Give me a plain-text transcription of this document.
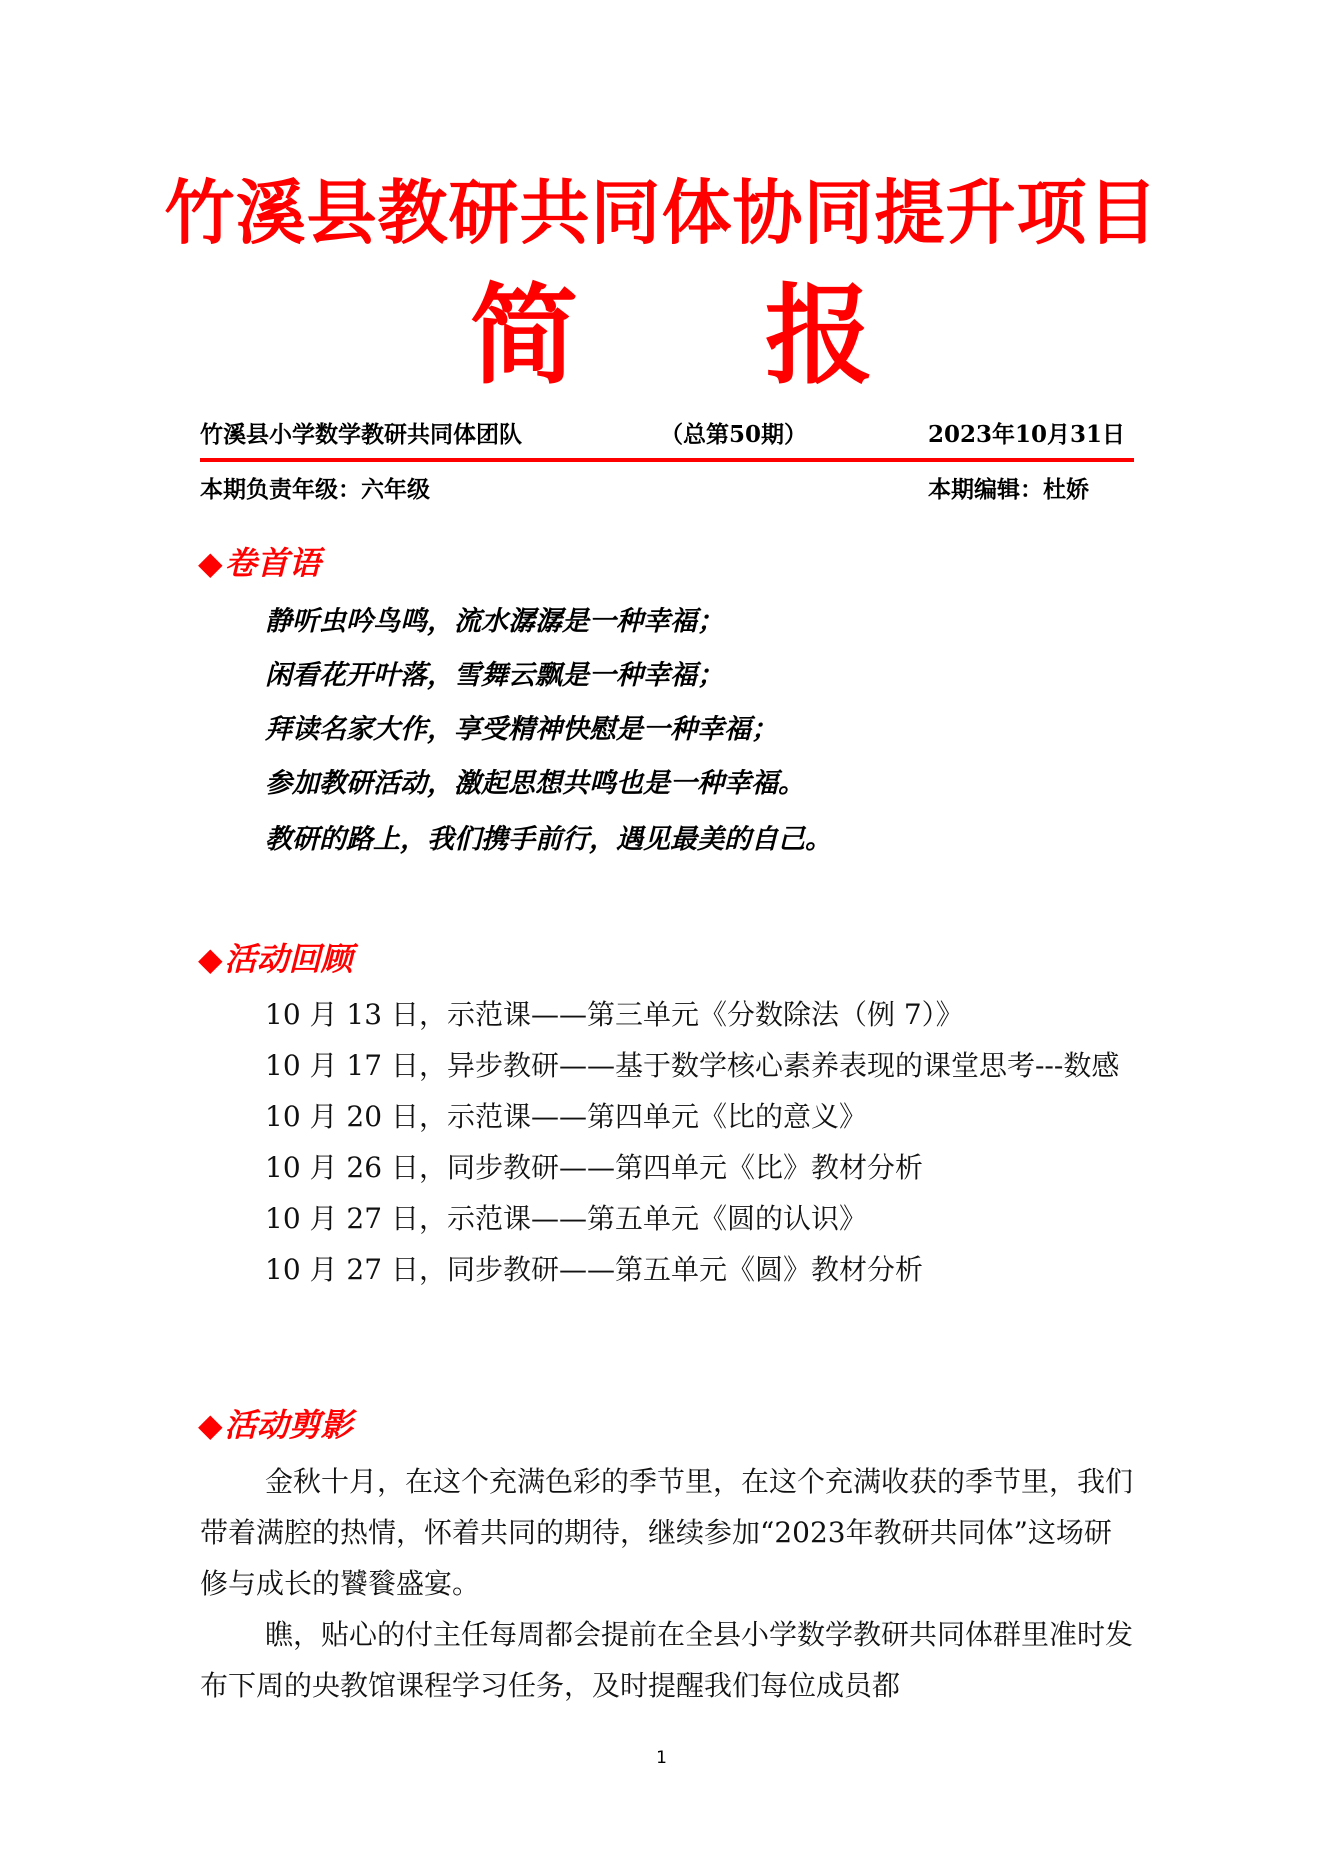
竹溪县教研共同体协同提升项目
简 报
竹溪县小学数学教研共同体团队	（总第50期）	2023年10月31日
本期负责年级：六年级	本期编辑：杜娇
◆卷首语
静听虫吟鸟鸣，流水潺潺是一种幸福；
闲看花开叶落，雪舞云飘是一种幸福；
拜读名家大作，享受精神快慰是一种幸福；
参加教研活动，激起思想共鸣也是一种幸福。
教研的路上，我们携手前行，遇见最美的自己。
◆活动回顾
10 月 13 日，示范课——第三单元《分数除法（例 7）》
10 月 17 日，异步教研——基于数学核心素养表现的课堂思考---数感
10 月 20 日，示范课——第四单元《比的意义》
10 月 26 日，同步教研——第四单元《比》教材分析
10 月 27 日，示范课——第五单元《圆的认识》
10 月 27 日，同步教研——第五单元《圆》教材分析
◆活动剪影

金秋十月，在这个充满色彩的季节里，在这个充满收获的季节里，我们带着满腔的热情，怀着共同的期待，继续参加“2023年教研共同体”这场研修与成长的饕餮盛宴。

瞧，贴心的付主任每周都会提前在全县小学数学教研共同体群里准时发布下周的央教馆课程学习任务，及时提醒我们每位成员都

1
